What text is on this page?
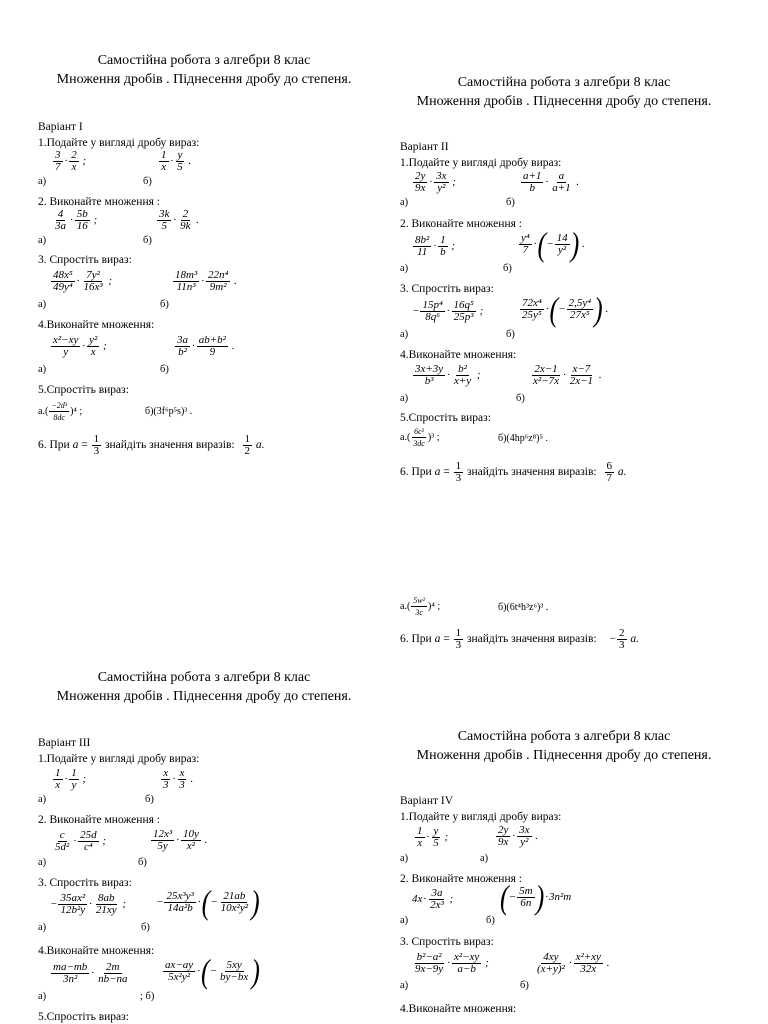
Самостійна робота з алгебри 8 клас
Множення дробів . Піднесення дробу до степеня.	Самостійна робота з алгебри 8 клас
Множення дробів . Піднесення дробу до степеня.
Самостійна робота з алгебри 8 клас
Множення дробів . Піднесення дробу до степеня.
Самостійна робота з алгебри 8 клас
Множення дробів . Піднесення дробу до степеня.
Варіант І
1.Подайте у вигляді дробу вираз:
а)
$\frac{3}{7} \cdot \frac{2}{x}$ ;
б)
$\frac{1}{x} \cdot \frac{y}{5}$ .
2. Виконайте множення :
а)
$\frac{4}{3a} \cdot \frac{5b}{16}$ ;
б)
$\frac{3k}{5} \cdot \frac{2}{9k}$ .
3. Спростіть вираз:
а)
$\frac{\text{48x⁵}}{\text{49y⁴}} \cdot \frac{\text{7y²}}{\text{16x³}}$ ;
б)
$\frac{\text{18m³}}{\text{11n³}} \cdot \frac{\text{22n⁴}}{\text{9m²}}$ .
4.Виконайте множення:
а)
$\frac{\text{x²−xy}}{y} \cdot \frac{\text{y²}}{x}$ ;
б)
$\frac{3a}{\text{b²}} \cdot \frac{\text{ab+b²}}{9}$ .
5.Спростіть вираз:
$а.( \frac{\text{−2d³}}{8dc} )^4$ ;	б)(3f⁶p⁵s)³ .
6. При $a = \frac{1}{3}$ знайдіть значення виразів: $\frac{1}{2} a$.
Варіант ІІ
1.Подайте у вигляді дробу вираз:
а)
$\frac{2y}{9x} \cdot \frac{3x}{\text{y²}}$ ;
б)
$\frac{a+1}{b} \cdot \frac{a}{a+1}$ .
2. Виконайте множення :
а)
$\frac{\text{8b²}}{11} \cdot \frac{1}{b}$ ;
б)
$\frac{\text{y⁴}}{7}$ ·(− $\frac{14}{\text{y²}}$ ) .
3. Спростіть вираз:
а)
− $\frac{\text{15p⁴}}{\text{8q⁶}} \cdot \frac{\text{16q⁵}}{\text{25p³}}$ ;
б)
$\frac{\text{72x⁴}}{\text{25y⁵}}$ ·(− $\frac{\text{2,5y⁴}}{\text{27x⁵}}$ ) .
4.Виконайте множення:
а)
$\frac{3x+3y}{\text{b³}} \cdot \frac{\text{b²}}{x+y}$ ;
б)
$\frac{2x-1}{\text{x²−7x}} \cdot \frac{x-7}{2x-1}$ .
5.Спростіть вираз:
$а.( \frac{\text{6c²}}{3dc} )^3$ ;	б)(4hp⁶z⁸)⁵ .
6. При $a = \frac{1}{3}$ знайдіть значення виразів: $\frac{6}{7} a$.
$а.( \frac{\text{5w²}}{3c} )^4$ ;	б)(6t⁴h³z⁶)³ .
6. При $a = \frac{1}{3}$ знайдіть значення виразів: − $\frac{2}{3} a$.
Варіант ІІІ
1.Подайте у вигляді дробу вираз:
а)
$\frac{1}{x} \cdot \frac{1}{y}$ ;
б)
$\frac{x}{3} \cdot \frac{x}{3}$ .
2. Виконайте множення :
а)
$\frac{c}{\text{5d²}} \cdot \frac{25d}{\text{c⁴}}$ ;
б)
$\frac{\text{12x³}}{5y} \cdot \frac{10y}{\text{x²}}$ .
3. Спростіть вираз:
а)
− $\frac{\text{35ax²}}{\text{12b²y}} \cdot \frac{8ab}{21xy}$ ;
б)
− $\frac{\text{25x³y³}}{\text{14a²b}}$ ·(− $\frac{21ab}{\text{10x²y²}}$ )
4.Виконайте множення:
а)
$\frac{ma-mb}{\text{3n²}} \cdot \frac{2m}{nb-na}$
; б)
$\frac{ax-ay}{\text{5x²y²}}$ ·(− $\frac{5xy}{by-bx}$ )
5.Спростіть вираз:
Варіант ІV
1.Подайте у вигляді дробу вираз:
а)
$\frac{1}{x} \cdot \frac{y}{5}$ ;
а)
$\frac{2y}{9x} \cdot \frac{3x}{\text{y²}}$ .
2. Виконайте множення :
а)
$4x\cdot \frac{3a}{\text{2x³}}$ ;
б)
(− $\frac{5m}{6n} )\cdot 3n^2m$
3. Спростіть вираз:
а)
$\frac{\text{b²−a²}}{9x-9y} \cdot \frac{\text{x²−xy}}{a-b}$ ;
б)
$\frac{4xy}{\text{(x+y)²}} \cdot \frac{\text{x²+xy}}{32x}$ .
4.Виконайте множення:
